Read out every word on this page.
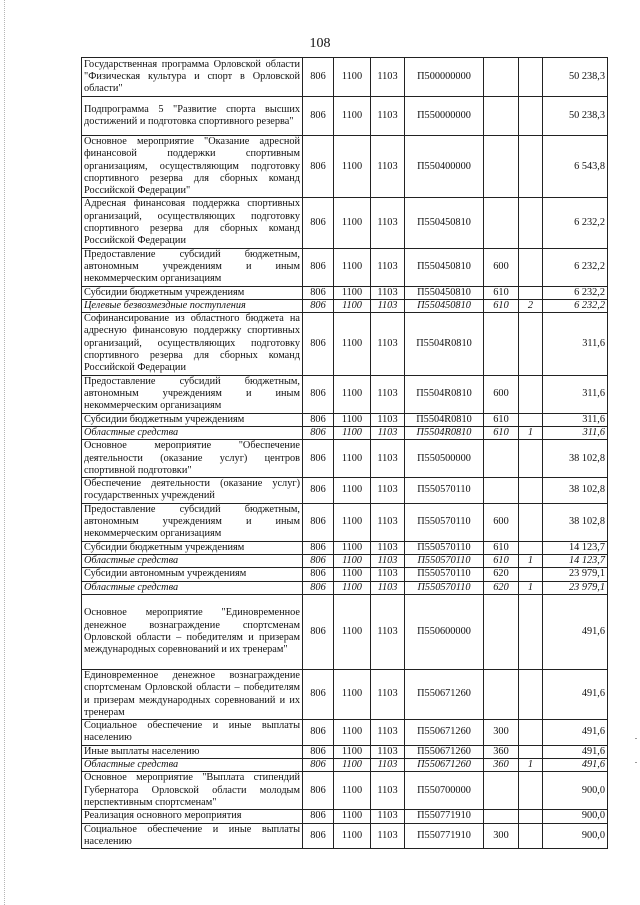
108
Государственная программа Орловской области "Физическая культура и спорт в Орловской области"	806	1100	1103	П500000000			50 238,3
Подпрограмма 5 "Развитие спорта высших достижений и подготовка спортивного резерва"	806	1100	1103	П550000000			50 238,3
Основное мероприятие "Оказание адресной финансовой поддержки спортивным организациям, осуществляющим подготовку спортивного резерва для сборных команд Российской Федерации"	806	1100	1103	П550400000			6 543,8
Адресная финансовая поддержка спортивных организаций, осуществляющих подготовку спортивного резерва для сборных команд Российской Федерации	806	1100	1103	П550450810			6 232,2
Предоставление субсидий бюджетным, автономным учреждениям и иным некоммерческим организациям	806	1100	1103	П550450810	600		6 232,2
Субсидии бюджетным учреждениям	806	1100	1103	П550450810	610		6 232,2
Целевые безвозмездные поступления	806	1100	1103	П550450810	610	2	6 232,2
Софинансирование из областного бюджета на адресную финансовую поддержку спортивных организаций, осуществляющих подготовку спортивного резерва для сборных команд Российской Федерации	806	1100	1103	П5504R0810			311,6
Предоставление субсидий бюджетным, автономным учреждениям и иным некоммерческим организациям	806	1100	1103	П5504R0810	600		311,6
Субсидии бюджетным учреждениям	806	1100	1103	П5504R0810	610		311,6
Областные средства	806	1100	1103	П5504R0810	610	1	311,6
Основное мероприятие "Обеспечение деятельности (оказание услуг) центров спортивной подготовки"	806	1100	1103	П550500000			38 102,8
Обеспечение деятельности (оказание услуг) государственных учреждений	806	1100	1103	П550570110			38 102,8
Предоставление субсидий бюджетным, автономным учреждениям и иным некоммерческим организациям	806	1100	1103	П550570110	600		38 102,8
Субсидии бюджетным учреждениям	806	1100	1103	П550570110	610		14 123,7
Областные средства	806	1100	1103	П550570110	610	1	14 123,7
Субсидии автономным учреждениям	806	1100	1103	П550570110	620		23 979,1
Областные средства	806	1100	1103	П550570110	620	1	23 979,1
Основное мероприятие "Единовременное денежное вознаграждение спортсменам Орловской области – победителям и призерам международных соревнований и их тренерам"	806	1100	1103	П550600000			491,6
Единовременное денежное вознаграждение спортсменам Орловской области – победителям и призерам международных соревнований и их тренерам	806	1100	1103	П550671260			491,6
Социальное обеспечение и иные выплаты населению	806	1100	1103	П550671260	300		491,6
Иные выплаты населению	806	1100	1103	П550671260	360		491,6
Областные средства	806	1100	1103	П550671260	360	1	491,6
Основное мероприятие "Выплата стипендий Губернатора Орловской области молодым перспективным спортсменам"	806	1100	1103	П550700000			900,0
Реализация основного мероприятия	806	1100	1103	П550771910			900,0
Социальное обеспечение и иные выплаты населению	806	1100	1103	П550771910	300		900,0
